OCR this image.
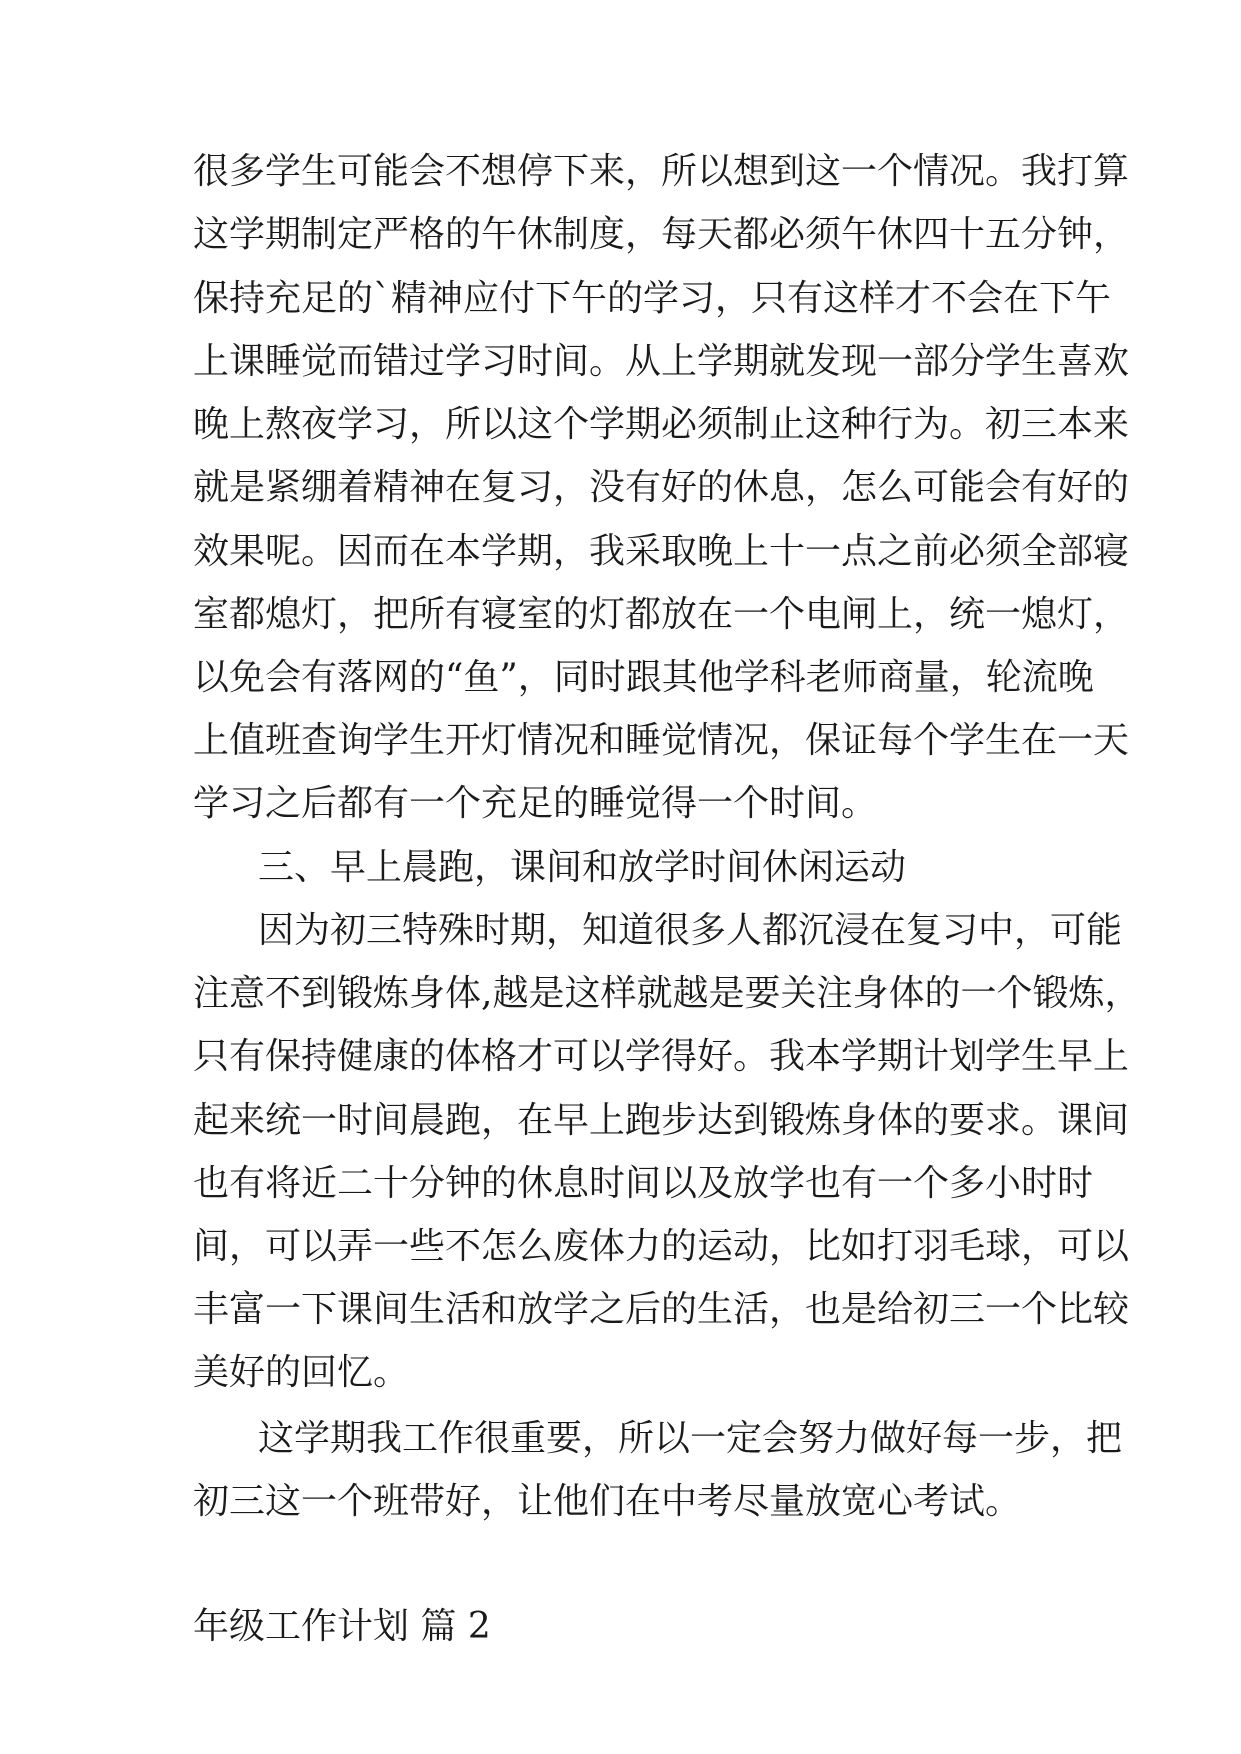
很多学生可能会不想停下来，所以想到这一个情况。我打算
这学期制定严格的午休制度，每天都必须午休四十五分钟，
保持充足的`精神应付下午的学习，只有这样才不会在下午
上课睡觉而错过学习时间。从上学期就发现一部分学生喜欢
晚上熬夜学习，所以这个学期必须制止这种行为。初三本来
就是紧绷着精神在复习，没有好的休息，怎么可能会有好的
效果呢。因而在本学期，我采取晚上十一点之前必须全部寝
室都熄灯，把所有寝室的灯都放在一个电闸上，统一熄灯，
以免会有落网的“鱼”，同时跟其他学科老师商量，轮流晚
上值班查询学生开灯情况和睡觉情况，保证每个学生在一天
学习之后都有一个充足的睡觉得一个时间。
三、早上晨跑，课间和放学时间休闲运动
因为初三特殊时期，知道很多人都沉浸在复习中，可能
注意不到锻炼身体,越是这样就越是要关注身体的一个锻炼，
只有保持健康的体格才可以学得好。我本学期计划学生早上
起来统一时间晨跑，在早上跑步达到锻炼身体的要求。课间
也有将近二十分钟的休息时间以及放学也有一个多小时时
间，可以弄一些不怎么废体力的运动，比如打羽毛球，可以
丰富一下课间生活和放学之后的生活，也是给初三一个比较
美好的回忆。
这学期我工作很重要，所以一定会努力做好每一步，把
初三这一个班带好，让他们在中考尽量放宽心考试。
年级工作计划 篇 2
